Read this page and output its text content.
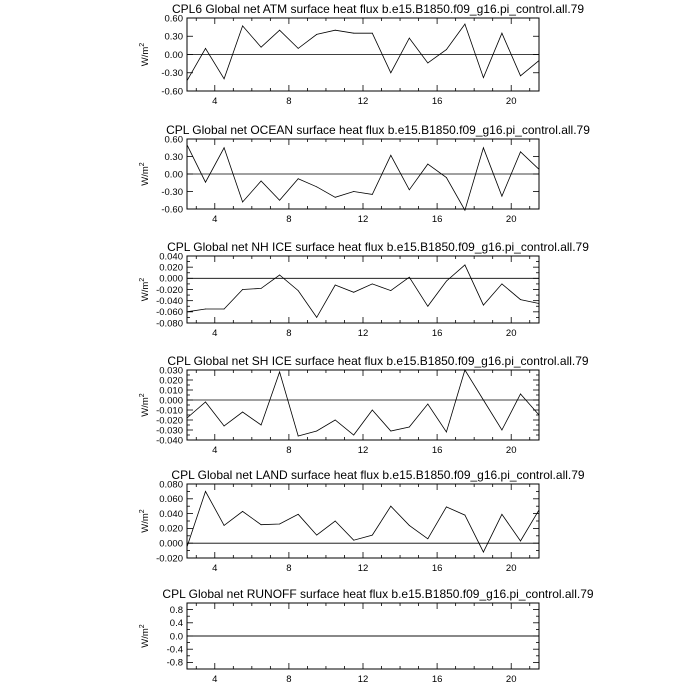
CPL6 Global net ATM surface heat flux b.e15.B1850.f09_g16.pi_control.all.79
-0.60
-0.30
0.00
0.30
0.60
4	8	12	16	20
$W/m^2$
CPL Global net OCEAN surface heat flux b.e15.B1850.f09_g16.pi_control.all.79
-0.60
-0.30
0.00
0.30
0.60
4	8	12	16	20
$W/m^2$
CPL Global net NH ICE surface heat flux b.e15.B1850.f09_g16.pi_control.all.79
-0.080
-0.060
-0.040
-0.020
0.000
0.020
0.040
4	8	12	16	20
$W/m^2$
CPL Global net SH ICE surface heat flux b.e15.B1850.f09_g16.pi_control.all.79
-0.040
-0.030
-0.020
-0.010
0.000
0.010
0.020
0.030
4	8	12	16	20
$W/m^2$
CPL Global net LAND surface heat flux b.e15.B1850.f09_g16.pi_control.all.79
-0.020
0.000
0.020
0.040
0.060
0.080
4	8	12	16	20
$W/m^2$
CPL Global net RUNOFF surface heat flux b.e15.B1850.f09_g16.pi_control.all.79
-0.8
-0.4
0.0
0.4
0.8
4	8	12	16	20
$W/m^2$
